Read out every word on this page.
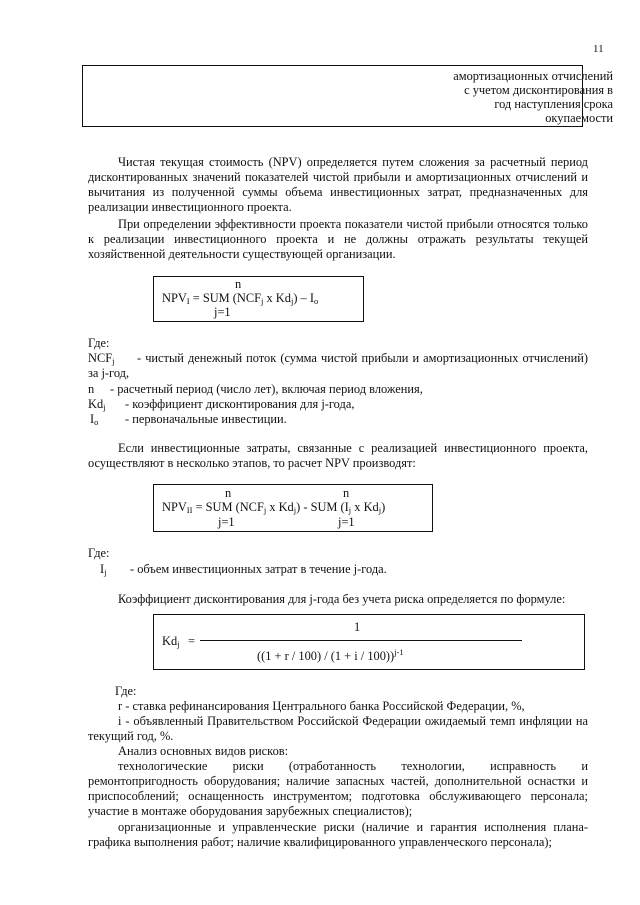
11
амортизационных отчислений
с учетом дисконтирования в
год наступления срока
окупаемости

Чистая текущая стоимость (NPV) определяется путем сложения за расчетный период дисконтированных значений показателей чистой прибыли и амортизационных отчислений и вычитания из полученной суммы объема инвестиционных затрат, предназначенных для реализации инвестиционного проекта.

При определении эффективности проекта показатели чистой прибыли относятся только к реализации инвестиционного проекта и не должны отражать результаты текущей хозяйственной деятельности существующей организации.

n
$NPV_I$ = SUM ($NCF_j$ x $Kd_j) - I_o$
j=1
Где:
$NCF_j$	- чистый денежный поток (сумма чистой прибыли и амортизационных отчислений) за j-год,

n - расчетный период (число лет), включая период вложения,
$Kd_j$ - коэффициент дисконтирования для j-года,
$I_o$ - первоначальные инвестиции.

Если инвестиционные затраты, связанные с реализацией инвестиционного проекта, осуществляют в несколько этапов, то расчет NPV производят:

n	n
$NPV_{II}$ = SUM ($NCF_j$ x $Kd_j$) - SUM ($I_j$ x $Kd_j$)
j=1	j=1
Где:
$I_j$ - объем инвестиционных затрат в течение j-года.

Коэффициент дисконтирования для j-года без учета риска определяется по формуле:

$Kd_j$ =
1
$((1 + r / 100) / (1 + i / 100))^{j-1}$
Где:

r - ставка рефинансирования Центрального банка Российской Федерации, %,

i - объявленный Правительством Российской Федерации ожидаемый темп инфляции на текущий год, %.

Анализ основных видов рисков:

технологические риски (отработанность технологии, исправность и ремонтопригодность оборудования; наличие запасных частей, дополнительной оснастки и приспособлений; оснащенность инструментом; подготовка обслуживающего персонала; участие в монтаже оборудования зарубежных специалистов);

организационные и управленческие риски (наличие и гарантия исполнения плана-графика выполнения работ; наличие квалифицированного управленческого персонала);
